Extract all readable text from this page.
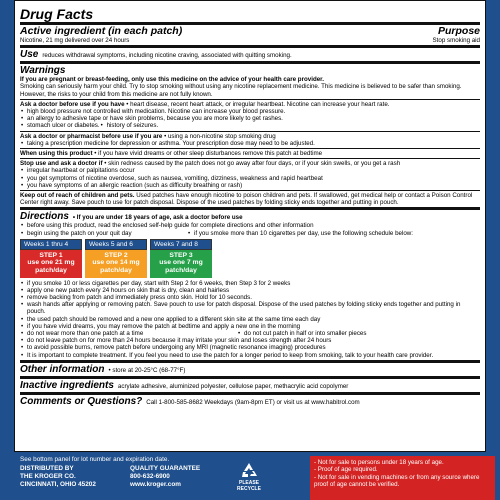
Drug Facts
Active ingredient (in each patch)	Purpose
Nicotine, 21 mg delivered over 24 hours	Stop smoking aid
Use reduces withdrawal symptoms, including nicotine craving, associated with quitting smoking.
Warnings
If you are pregnant or breast-feeding, only use this medicine on the advice of your health care provider.
Smoking can seriously harm your child. Try to stop smoking without using any nicotine replacement medicine. This medicine is believed to be safer than smoking. However, the risks to your child from this medicine are not fully known.
Ask a doctor before use if you have • heart disease, recent heart attack, or irregular heartbeat. Nicotine can increase your heart rate.
• high blood pressure not controlled with medication. Nicotine can increase your blood pressure.
• an allergy to adhesive tape or have skin problems, because you are more likely to get rashes.
• stomach ulcer or diabetes. • history of seizures.
Ask a doctor or pharmacist before use if you are • using a non-nicotine stop smoking drug
• taking a prescription medicine for depression or asthma. Your prescription dose may need to be adjusted.
When using this product • if you have vivid dreams or other sleep disturbances remove this patch at bedtime
Stop use and ask a doctor if • skin redness caused by the patch does not go away after four days, or if your skin swells, or you get a rash
• irregular heartbeat or palpitations occur
• you get symptoms of nicotine overdose, such as nausea, vomiting, dizziness, weakness and rapid heartbeat
• you have symptoms of an allergic reaction (such as difficulty breathing or rash)
Keep out of reach of children and pets. Used patches have enough nicotine to poison children and pets. If swallowed, get medical help or contact a Poison Control Center right away. Save pouch to use for patch disposal. Dispose of the used patches by folding sticky ends together and putting in pouch.
Directions • If you are under 18 years of age, ask a doctor before use
• before using this product, read the enclosed self-help guide for complete directions and other information
• begin using the patch on your quit day	• if you smoke more than 10 cigarettes per day, use the following schedule below:
Weeks 1 thru 4
STEP 1
use one 21 mg
patch/day
Weeks 5 and 6
STEP 2
use one 14 mg
patch/day
Weeks 7 and 8
STEP 3
use one 7 mg
patch/day
• if you smoke 10 or less cigarettes per day, start with Step 2 for 6 weeks, then Step 3 for 2 weeks
• apply one new patch every 24 hours on skin that is dry, clean and hairless
• remove backing from patch and immediately press onto skin. Hold for 10 seconds.
• wash hands after applying or removing patch. Save pouch to use for patch disposal. Dispose of the used patches by folding sticky ends together and putting in pouch.
• the used patch should be removed and a new one applied to a different skin site at the same time each day
• if you have vivid dreams, you may remove the patch at bedtime and apply a new one in the morning
• do not wear more than one patch at a time	• do not cut patch in half or into smaller pieces
• do not leave patch on for more than 24 hours because it may irritate your skin and loses strength after 24 hours
• to avoid possible burns, remove patch before undergoing any MRI (magnetic resonance imaging) procedures
• It is important to complete treatment. If you feel you need to use the patch for a longer period to keep from smoking, talk to your health care provider.
Other information • store at 20-25°C (68-77°F)
Inactive ingredients acrylate adhesive, aluminized polyester, cellulose paper, methacrylic acid copolymer
Comments or Questions? Call 1-800-585-8682 Weekdays (9am-8pm ET) or visit us at www.habitrol.com
See bottom panel for lot number and expiration date.
DISTRIBUTED BY
THE KROGER CO.
CINCINNATI, OHIO 45202
QUALITY GUARANTEE
800-632-6900
www.kroger.com	PLEASE
RECYCLE
- Not for sale to persons under 18 years of age.
- Proof of age required.
- Not for sale in vending machines or from any source where proof of age cannot be verified.
